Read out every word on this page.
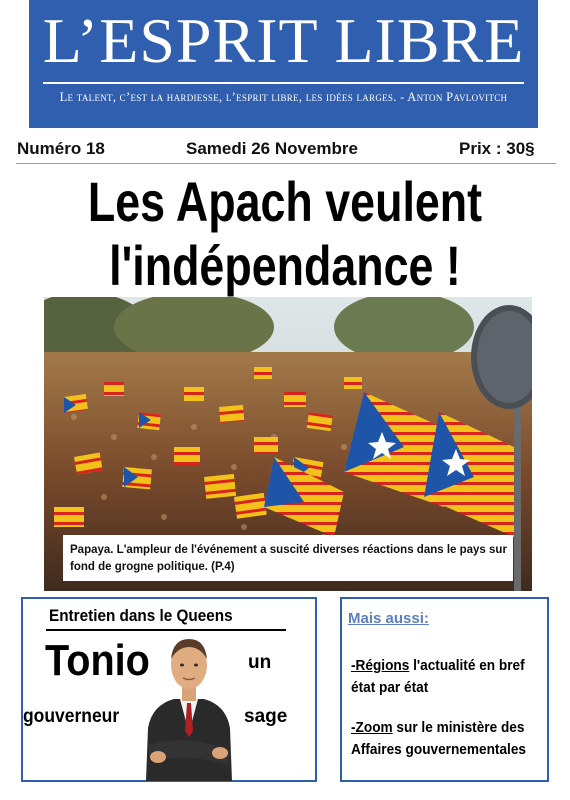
L’ESPRIT LIBRE
Le talent, c’est la hardiesse, l’esprit libre, les idées larges. - Anton Pavlovitch
Numéro 18	Samedi 26 Novembre	Prix : 30§
Les Apach veulent
l'indépendance !
Papaya. L'ampleur de l'événement a suscité diverses réactions dans le pays sur fond de grogne politique. (P.4)
Entretien dans le Queens
Tonio	un
gouverneur	sage
Mais aussi:
-Régions l'actualité en bref état par état
-Zoom sur le ministère des Affaires gouvernementales
